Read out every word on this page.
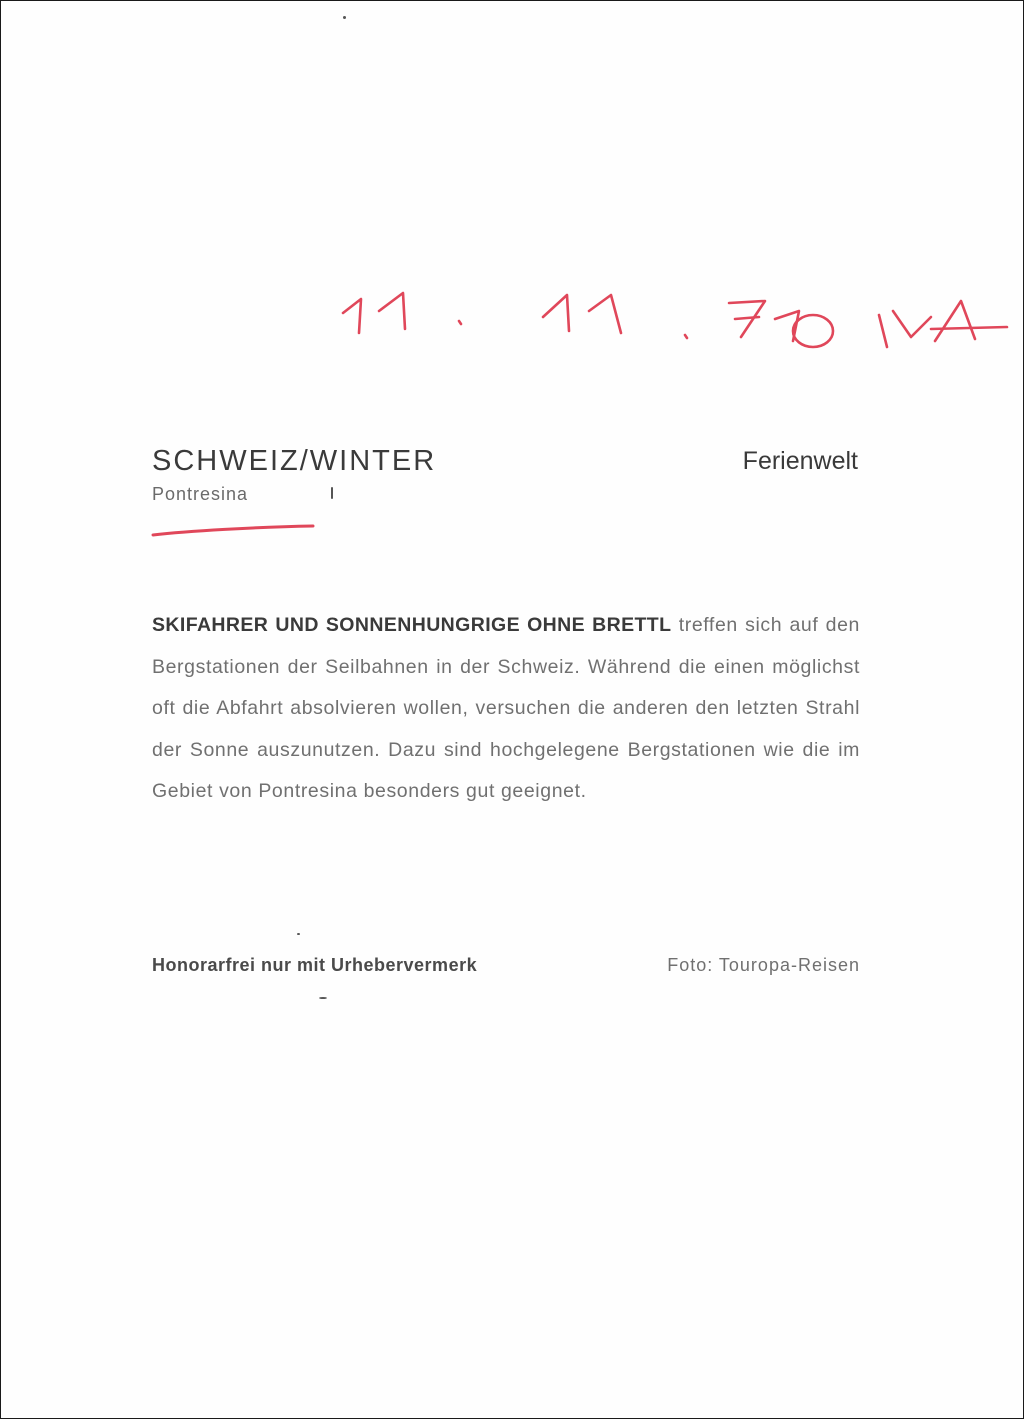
SCHWEIZ/WINTER
Pontresina
Ferienwelt
SKIFAHRER UND SONNENHUNGRIGE OHNE BRETTL treffen sich auf den Bergstationen der Seilbahnen in der Schweiz. Während die einen möglichst oft die Abfahrt absolvieren wollen, versuchen die anderen den letzten Strahl der Sonne auszunutzen. Dazu sind hochgelegene Bergstationen wie die im Gebiet von Pontresina besonders gut geeignet.
Honorarfrei nur mit Urhebervermerk	Foto: Touropa-Reisen
